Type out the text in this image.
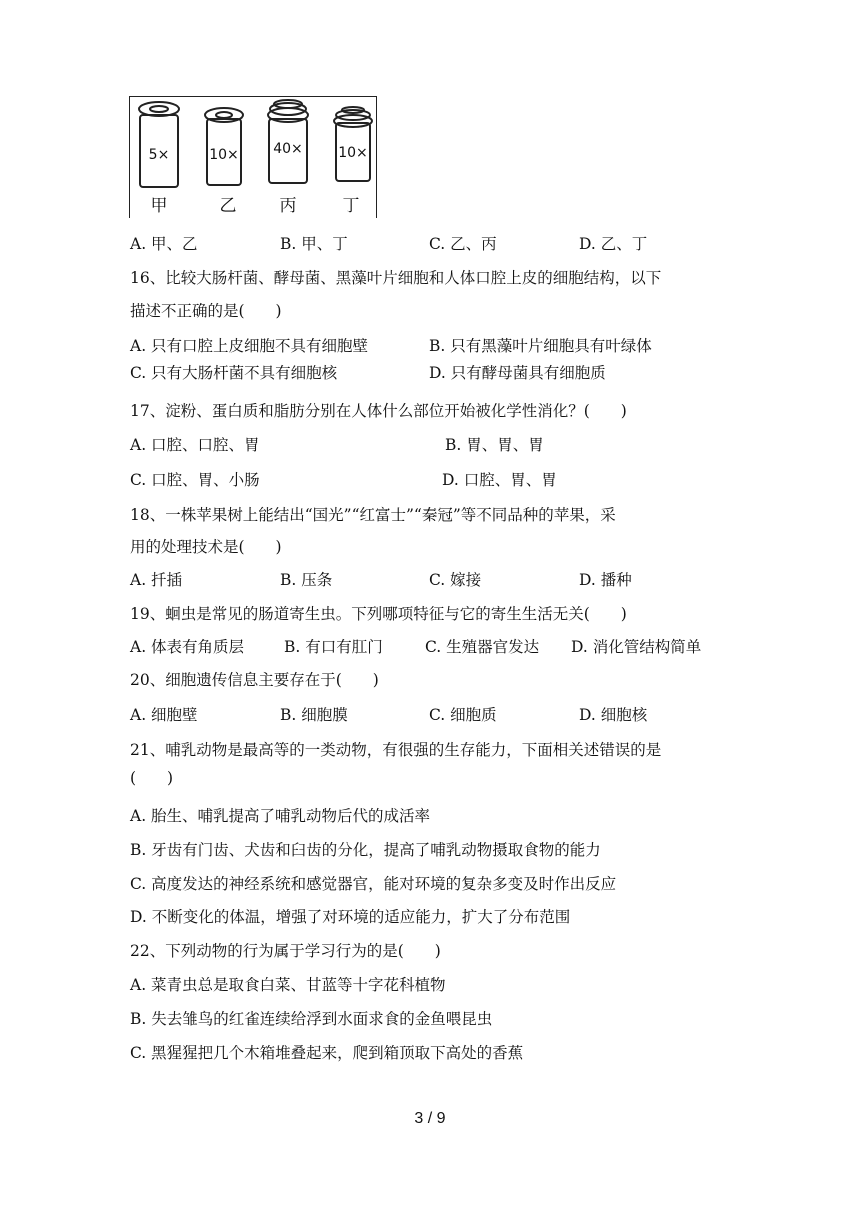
5×	10× 40×	10×
甲	乙	丙	丁
A. 甲、乙	B. 甲、丁	C. 乙、丙	D. 乙、丁
16、比较大肠杆菌、酵母菌、黑藻叶片细胞和人体口腔上皮的细胞结构，以下
描述不正确的是(　　)
A. 只有口腔上皮细胞不具有细胞壁	B. 只有黑藻叶片细胞具有叶绿体
C. 只有大肠杆菌不具有细胞核	D. 只有酵母菌具有细胞质
17、淀粉、蛋白质和脂肪分别在人体什么部位开始被化学性消化？(　　)
A. 口腔、口腔、胃	B. 胃、胃、胃
C. 口腔、胃、小肠	D. 口腔、胃、胃
18、一株苹果树上能结出“国光”“红富士”“秦冠”等不同品种的苹果，采
用的处理技术是(　　)
A. 扦插	B. 压条	C. 嫁接	D. 播种
19、蛔虫是常见的肠道寄生虫。下列哪项特征与它的寄生生活无关(　　)
A. 体表有角质层	B. 有口有肛门	C. 生殖器官发达 D. 消化管结构简单
20、细胞遗传信息主要存在于(　　)
A. 细胞壁	B. 细胞膜	C. 细胞质	D. 细胞核
21、哺乳动物是最高等的一类动物，有很强的生存能力，下面相关述错误的是
(　　)
A. 胎生、哺乳提高了哺乳动物后代的成活率
B. 牙齿有门齿、犬齿和臼齿的分化，提高了哺乳动物摄取食物的能力
C. 高度发达的神经系统和感觉器官，能对环境的复杂多变及时作出反应
D. 不断变化的体温，增强了对环境的适应能力，扩大了分布范围
22、下列动物的行为属于学习行为的是(　　)
A. 菜青虫总是取食白菜、甘蓝等十字花科植物
B. 失去雏鸟的红雀连续给浮到水面求食的金鱼喂昆虫
C. 黑猩猩把几个木箱堆叠起来，爬到箱顶取下高处的香蕉
3 / 9
